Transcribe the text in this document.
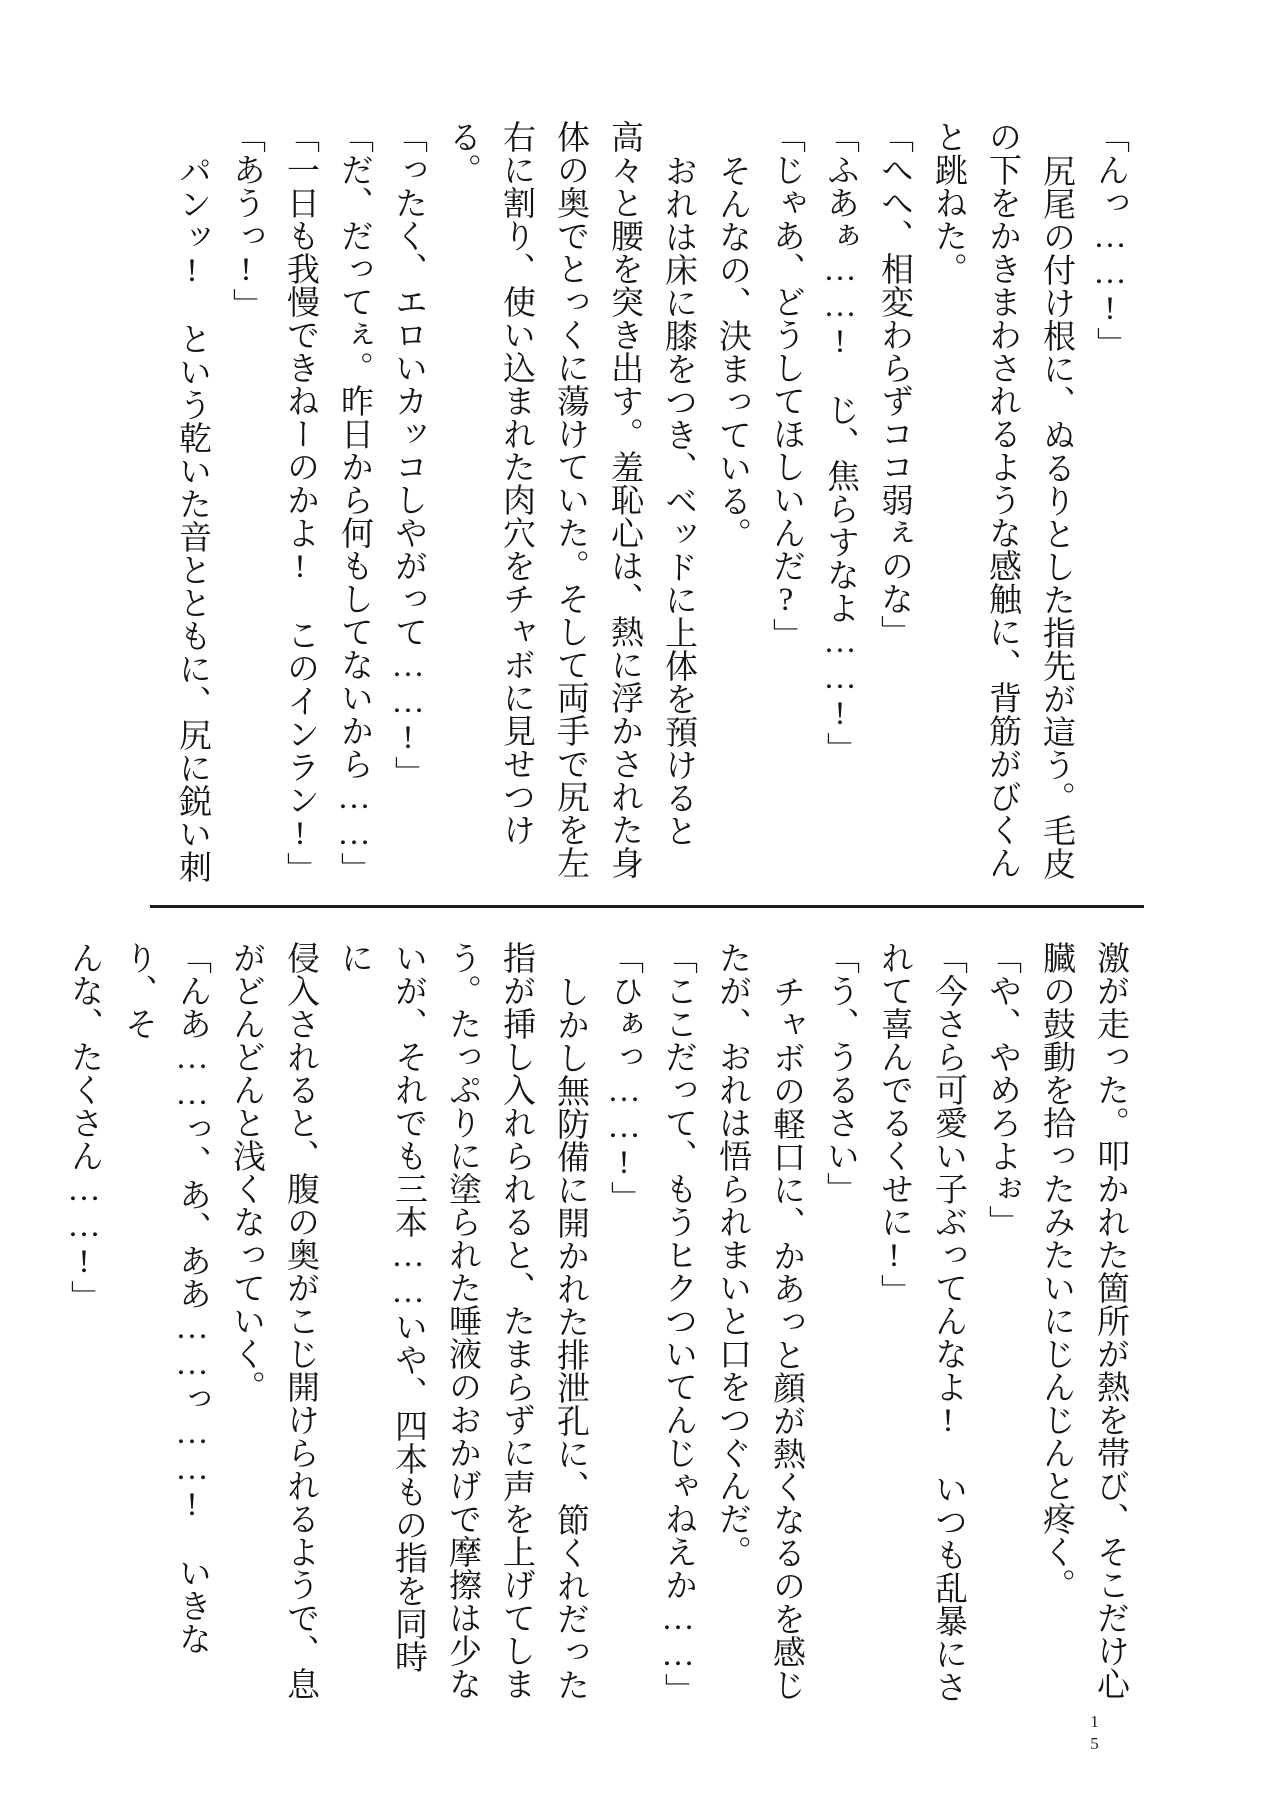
「んっ……!」

尻尾の付け根に、ぬるりとした指先が這う。毛皮

の下をかきまわされるような感触に、背筋がびくん

と跳ねた。

「へへ、相変わらずココ弱ぇのな」

「ふあぁ……!　じ、焦らすなよ……!」

「じゃあ、どうしてほしいんだ?」

そんなの、決まっている。

おれは床に膝をつき、ベッドに上体を預けると

高々と腰を突き出す。羞恥心は、熱に浮かされた身

体の奥でとっくに蕩けていた。そして両手で尻を左

右に割り、使い込まれた肉穴をチャボに見せつけ

る。

「ったく、エロいカッコしやがって……!」

「だ、だってぇ。昨日から何もしてないから……」

「一日も我慢できねーのかよ!　このインラン!」

「あうっ!」

パンッ!　という乾いた音とともに、尻に鋭い刺

激が走った。叩かれた箇所が熱を帯び、そこだけ心

臓の鼓動を拾ったみたいにじんじんと疼く。

「や、やめろよぉ」

「今さら可愛い子ぶってんなよ!　いつも乱暴にさ

れて喜んでるくせに!」

「う、うるさい」

チャボの軽口に、かあっと顔が熱くなるのを感じ

たが、おれは悟られまいと口をつぐんだ。

「ここだって、もうヒクついてんじゃねえか……」

「ひぁっ……!」

しかし無防備に開かれた排泄孔に、節くれだった

指が挿し入れられると、たまらずに声を上げてしま

う。たっぷりに塗られた唾液のおかげで摩擦は少な

いが、それでも三本……いや、四本もの指を同時に

侵入されると、腹の奥がこじ開けられるようで、息

がどんどんと浅くなっていく。

「んあ……っ、あ、ああ……っ……!　いきなり、そ

んな、たくさん……!」

15
